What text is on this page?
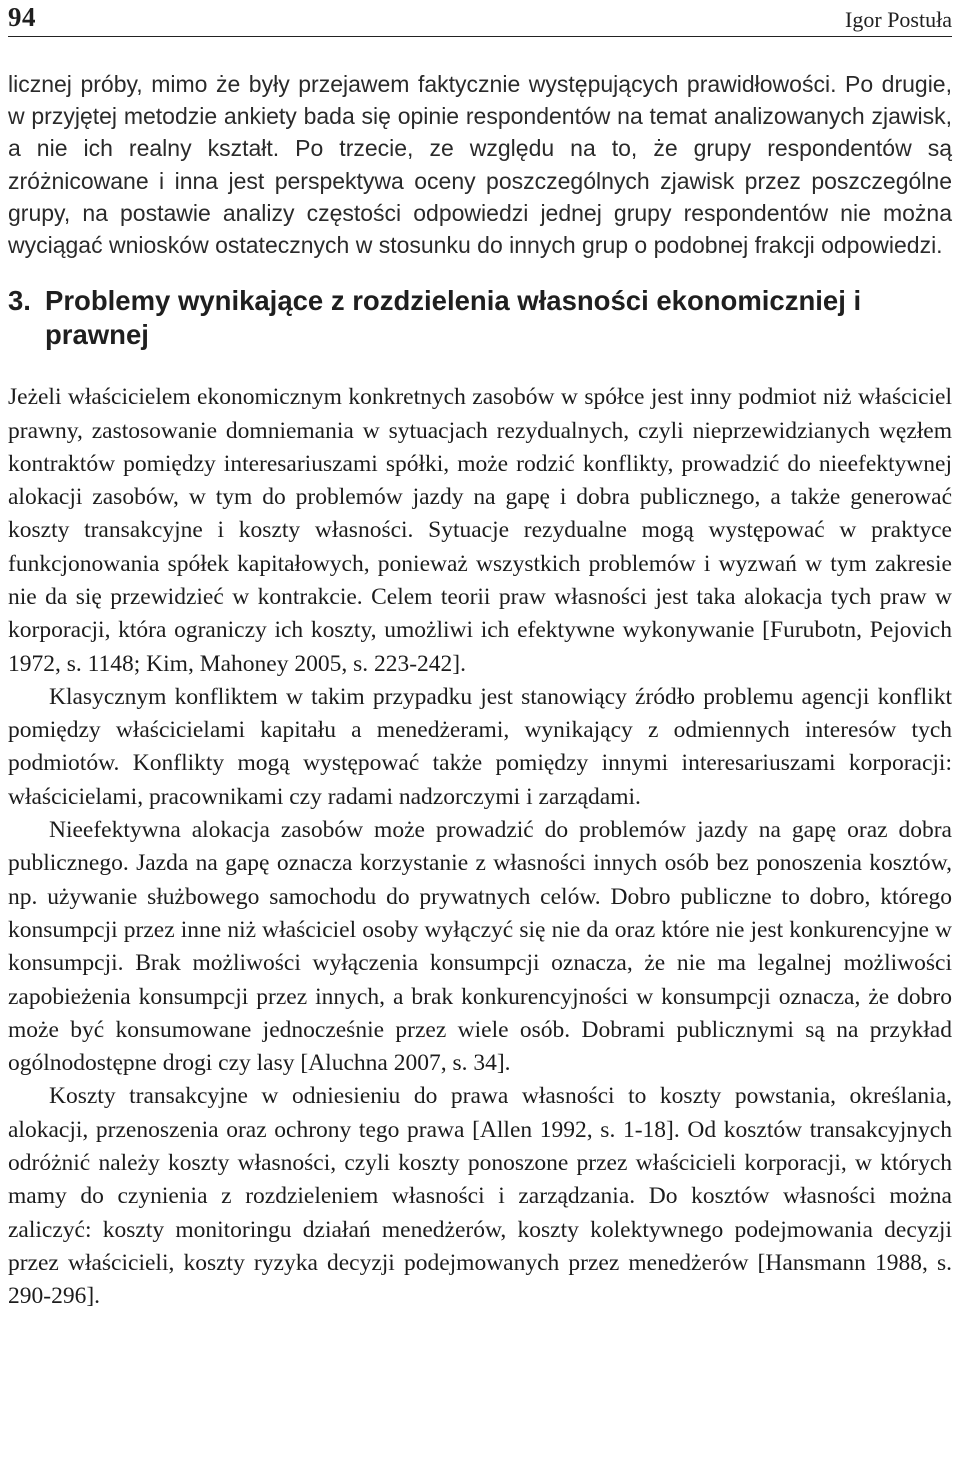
94	Igor Postuła

licznej próby, mimo że były przejawem faktycznie występujących prawidłowości. Po drugie, w przyjętej metodzie ankiety bada się opinie respondentów na temat analizowanych zjawisk, a nie ich realny kształt. Po trzecie, ze względu na to, że grupy respondentów są zróżnicowane i inna jest perspektywa oceny poszczególnych zjawisk przez poszczególne grupy, na postawie analizy częstości odpowiedzi jednej grupy respondentów nie można wyciągać wniosków ostatecznych w stosunku do innych grup o podobnej frakcji odpowiedzi.

3. Problemy wynikające z rozdzielenia własności ekonomiczniej i prawnej

Jeżeli właścicielem ekonomicznym konkretnych zasobów w spółce jest inny podmiot niż właściciel prawny, zastosowanie domniemania w sytuacjach rezydualnych, czyli nieprzewidzianych węzłem kontraktów pomiędzy interesariuszami spółki, może rodzić konflikty, prowadzić do nieefektywnej alokacji zasobów, w tym do problemów jazdy na gapę i dobra publicznego, a także generować koszty transakcyjne i koszty własności. Sytuacje rezydualne mogą występować w praktyce funkcjonowania spółek kapitałowych, ponieważ wszystkich problemów i wyzwań w tym zakresie nie da się przewidzieć w kontrakcie. Celem teorii praw własności jest taka alokacja tych praw w korporacji, która ograniczy ich koszty, umożliwi ich efektywne wykonywanie [Furubotn, Pejovich 1972, s. 1148; Kim, Mahoney 2005, s. 223-242].

Klasycznym konfliktem w takim przypadku jest stanowiący źródło problemu agencji konflikt pomiędzy właścicielami kapitału a menedżerami, wynikający z odmiennych interesów tych podmiotów. Konflikty mogą występować także pomiędzy innymi interesariuszami korporacji: właścicielami, pracownikami czy radami nadzorczymi i zarządami.

Nieefektywna alokacja zasobów może prowadzić do problemów jazdy na gapę oraz dobra publicznego. Jazda na gapę oznacza korzystanie z własności innych osób bez ponoszenia kosztów, np. używanie służbowego samochodu do prywatnych celów. Dobro publiczne to dobro, którego konsumpcji przez inne niż właściciel osoby wyłączyć się nie da oraz które nie jest konkurencyjne w konsumpcji. Brak możliwości wyłączenia konsumpcji oznacza, że nie ma legalnej możliwości zapobieżenia konsumpcji przez innych, a brak konkurencyjności w konsumpcji oznacza, że dobro może być konsumowane jednocześnie przez wiele osób. Dobrami publicznymi są na przykład ogólnodostępne drogi czy lasy [Aluchna 2007, s. 34].

Koszty transakcyjne w odniesieniu do prawa własności to koszty powstania, określania, alokacji, przenoszenia oraz ochrony tego prawa [Allen 1992, s. 1-18]. Od kosztów transakcyjnych odróżnić należy koszty własności, czyli koszty ponoszone przez właścicieli korporacji, w których mamy do czynienia z rozdzieleniem własności i zarządzania. Do kosztów własności można zaliczyć: koszty monitoringu działań menedżerów, koszty kolektywnego podejmowania decyzji przez właścicieli, koszty ryzyka decyzji podejmowanych przez menedżerów [Hansmann 1988, s. 290-296].
